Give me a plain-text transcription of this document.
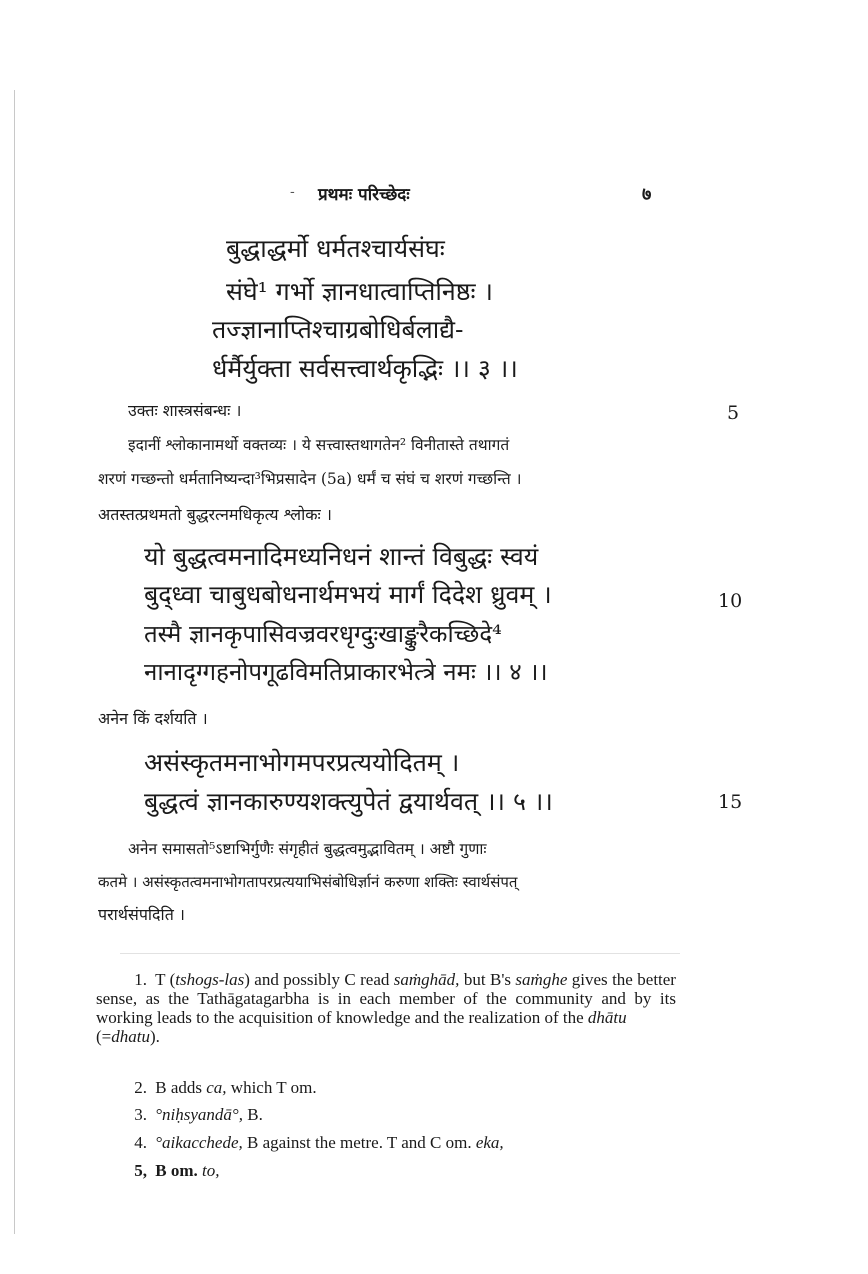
- प्रथमः परिच्छेदः	७
बुद्धाद्धर्मो धर्मतश्चार्यसंघः
संघे¹ गर्भो ज्ञानधात्वाप्तिनिष्ठः ।
तज्ज्ञानाप्तिश्चाग्रबोधिर्बलाद्यै-
र्धर्मैर्युक्ता सर्वसत्त्वार्थकृद्भिः ।। ३ ।।
उक्तः शास्त्रसंबन्धः ।	5
इदानीं श्लोकानामर्थो वक्तव्यः । ये सत्त्वास्तथागतेन² विनीतास्ते तथागतं
शरणं गच्छन्तो धर्मतानिष्यन्दा³भिप्रसादेन (5a) धर्मं च संघं च शरणं गच्छन्ति ।
अतस्तत्प्रथमतो बुद्धरत्नमधिकृत्य श्लोकः ।
यो बुद्धत्वमनादिमध्यनिधनं शान्तं विबुद्धः स्वयं
बुद्ध्वा चाबुधबोधनार्थमभयं मार्गं दिदेश ध्रुवम् ।	10
तस्मै ज्ञानकृपासिवज्रवरधृग्दुःखाङ्कुरैकच्छिदे⁴
नानादृग्गहनोपगूढविमतिप्राकारभेत्त्रे नमः ।। ४ ।।
अनेन किं दर्शयति ।
असंस्कृतमनाभोगमपरप्रत्ययोदितम् ।
बुद्धत्वं ज्ञानकारुण्यशक्त्युपेतं द्वयार्थवत् ।। ५ ।।	15
अनेन समासतो⁵ऽष्टाभिर्गुणैः संगृहीतं बुद्धत्वमुद्भावितम् । अष्टौ गुणाः
कतमे । असंस्कृतत्वमनाभोगतापरप्रत्ययाभिसंबोधिर्ज्ञानं करुणा शक्तिः स्वार्थसंपत्
परार्थसंपदिति ।
1. T (tshogs-las) and possibly C read saṁghād, but B's saṁghe gives the better sense, as the Tathāgatagarbha is in each member of the community and by its working leads to the acquisition of knowledge and the realization of the dhātu
(=dhatu).
2. B adds ca, which T om.
3. °niḥsyandā°, B.
4. °aikacchede, B against the metre. T and C om. eka,
5, B om. to,
